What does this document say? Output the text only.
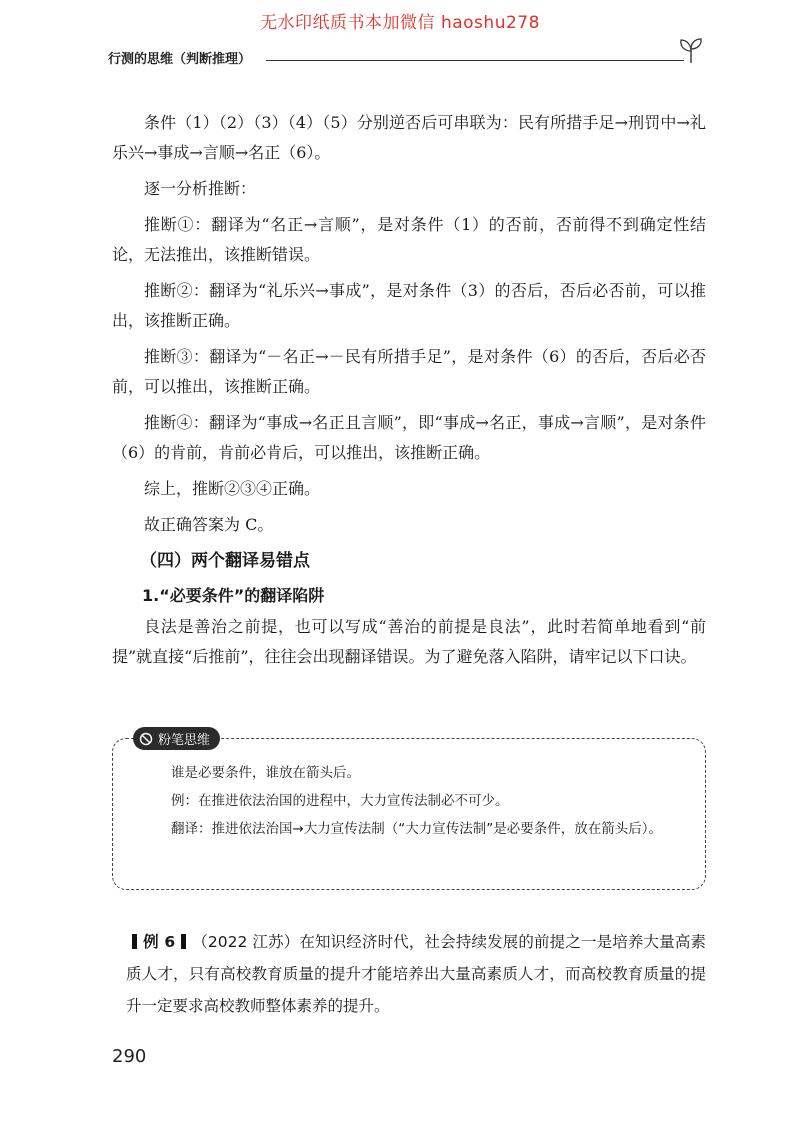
无水印纸质书本加微信 haoshu278
行测的思维（判断推理）

条件（1）（2）（3）（4）（5）分别逆否后可串联为：民有所措手足→刑罚中→礼乐兴→事成→言顺→名正（6）。

逐一分析推断：

推断①：翻译为“名正→言顺”，是对条件（1）的否前，否前得不到确定性结论，无法推出，该推断错误。

推断②：翻译为“礼乐兴→事成”，是对条件（3）的否后，否后必否前，可以推出，该推断正确。

推断③：翻译为“－名正→－民有所措手足”，是对条件（6）的否后，否后必否前，可以推出，该推断正确。

推断④：翻译为“事成→名正且言顺”，即“事成→名正，事成→言顺”，是对条件（6）的肯前，肯前必肯后，可以推出，该推断正确。

综上，推断②③④正确。

故正确答案为 C。

（四）两个翻译易错点
1.“必要条件”的翻译陷阱

良法是善治之前提，也可以写成“善治的前提是良法”，此时若简单地看到“前提”就直接“后推前”，往往会出现翻译错误。为了避免落入陷阱，请牢记以下口诀。

粉笔思维

谁是必要条件，谁放在箭头后。

例：在推进依法治国的进程中，大力宣传法制必不可少。

翻译：推进依法治国→大力宣传法制（“大力宣传法制”是必要条件，放在箭头后）。

例 6 （2022 江苏）在知识经济时代，社会持续发展的前提之一是培养大量高素质人才，只有高校教育质量的提升才能培养出大量高素质人才，而高校教育质量的提升一定要求高校教师整体素养的提升。

290
